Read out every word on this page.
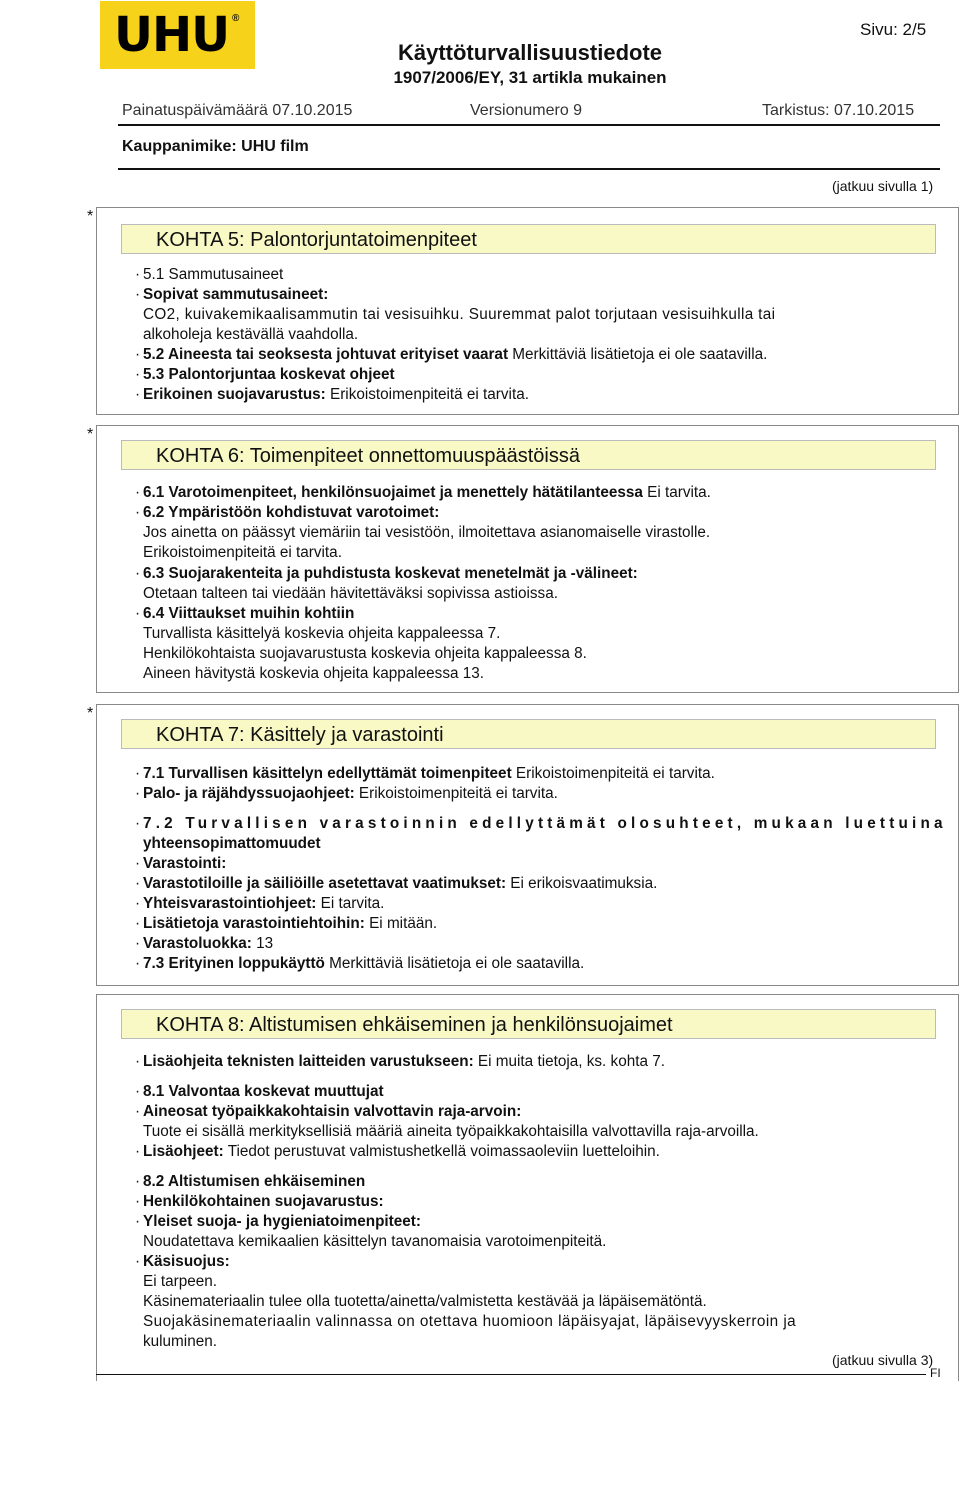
UHU ®
Sivu: 2/5
Käyttöturvallisuustiedote
1907/2006/EY, 31 artikla mukainen
Painatuspäivämäärä 07.10.2015	Versionumero 9	Tarkistus: 07.10.2015
Kauppanimike: UHU film
(jatkuu sivulla 1)
*
KOHTA 5: Palontorjuntatoimenpiteet
· 5.1 Sammutusaineet
· Sopivat sammutusaineet:
CO2, kuivakemikaalisammutin tai vesisuihku. Suuremmat palot torjutaan vesisuihkulla tai
alkoholeja kestävällä vaahdolla.
· 5.2 Aineesta tai seoksesta johtuvat erityiset vaarat Merkittäviä lisätietoja ei ole saatavilla.
· 5.3 Palontorjuntaa koskevat ohjeet
· Erikoinen suojavarustus: Erikoistoimenpiteitä ei tarvita.
*
KOHTA 6: Toimenpiteet onnettomuuspäästöissä
· 6.1 Varotoimenpiteet, henkilönsuojaimet ja menettely hätätilanteessa Ei tarvita.
· 6.2 Ympäristöön kohdistuvat varotoimet:
Jos ainetta on päässyt viemäriin tai vesistöön, ilmoitettava asianomaiselle virastolle.
Erikoistoimenpiteitä ei tarvita.
· 6.3 Suojarakenteita ja puhdistusta koskevat menetelmät ja -välineet:
Otetaan talteen tai viedään hävitettäväksi sopivissa astioissa.
· 6.4 Viittaukset muihin kohtiin
Turvallista käsittelyä koskevia ohjeita kappaleessa 7.
Henkilökohtaista suojavarustusta koskevia ohjeita kappaleessa 8.
Aineen hävitystä koskevia ohjeita kappaleessa 13.
*
KOHTA 7: Käsittely ja varastointi
· 7.1 Turvallisen käsittelyn edellyttämät toimenpiteet Erikoistoimenpiteitä ei tarvita.
· Palo- ja räjähdyssuojaohjeet: Erikoistoimenpiteitä ei tarvita.
·
7.2 Turvallisen varastoinnin edellyttämät olosuhteet, mukaan luettuina
yhteensopimattomuudet
· Varastointi:
· Varastotiloille ja säiliöille asetettavat vaatimukset: Ei erikoisvaatimuksia.
· Yhteisvarastointiohjeet: Ei tarvita.
· Lisätietoja varastointiehtoihin: Ei mitään.
· Varastoluokka: 13
· 7.3 Erityinen loppukäyttö Merkittäviä lisätietoja ei ole saatavilla.
KOHTA 8: Altistumisen ehkäiseminen ja henkilönsuojaimet
· Lisäohjeita teknisten laitteiden varustukseen: Ei muita tietoja, ks. kohta 7.
· 8.1 Valvontaa koskevat muuttujat
· Aineosat työpaikkakohtaisin valvottavin raja-arvoin:
Tuote ei sisällä merkityksellisiä määriä aineita työpaikkakohtaisilla valvottavilla raja-arvoilla.
· Lisäohjeet: Tiedot perustuvat valmistushetkellä voimassaoleviin luetteloihin.
· 8.2 Altistumisen ehkäiseminen
· Henkilökohtainen suojavarustus:
· Yleiset suoja- ja hygieniatoimenpiteet:
Noudatettava kemikaalien käsittelyn tavanomaisia varotoimenpiteitä.
· Käsisuojus:
Ei tarpeen.
Käsinemateriaalin tulee olla tuotetta/ainetta/valmistetta kestävää ja läpäisemätöntä.
Suojakäsinemateriaalin valinnassa on otettava huomioon läpäisyajat, läpäisevyyskerroin ja
kuluminen.
(jatkuu sivulla 3)
FI
